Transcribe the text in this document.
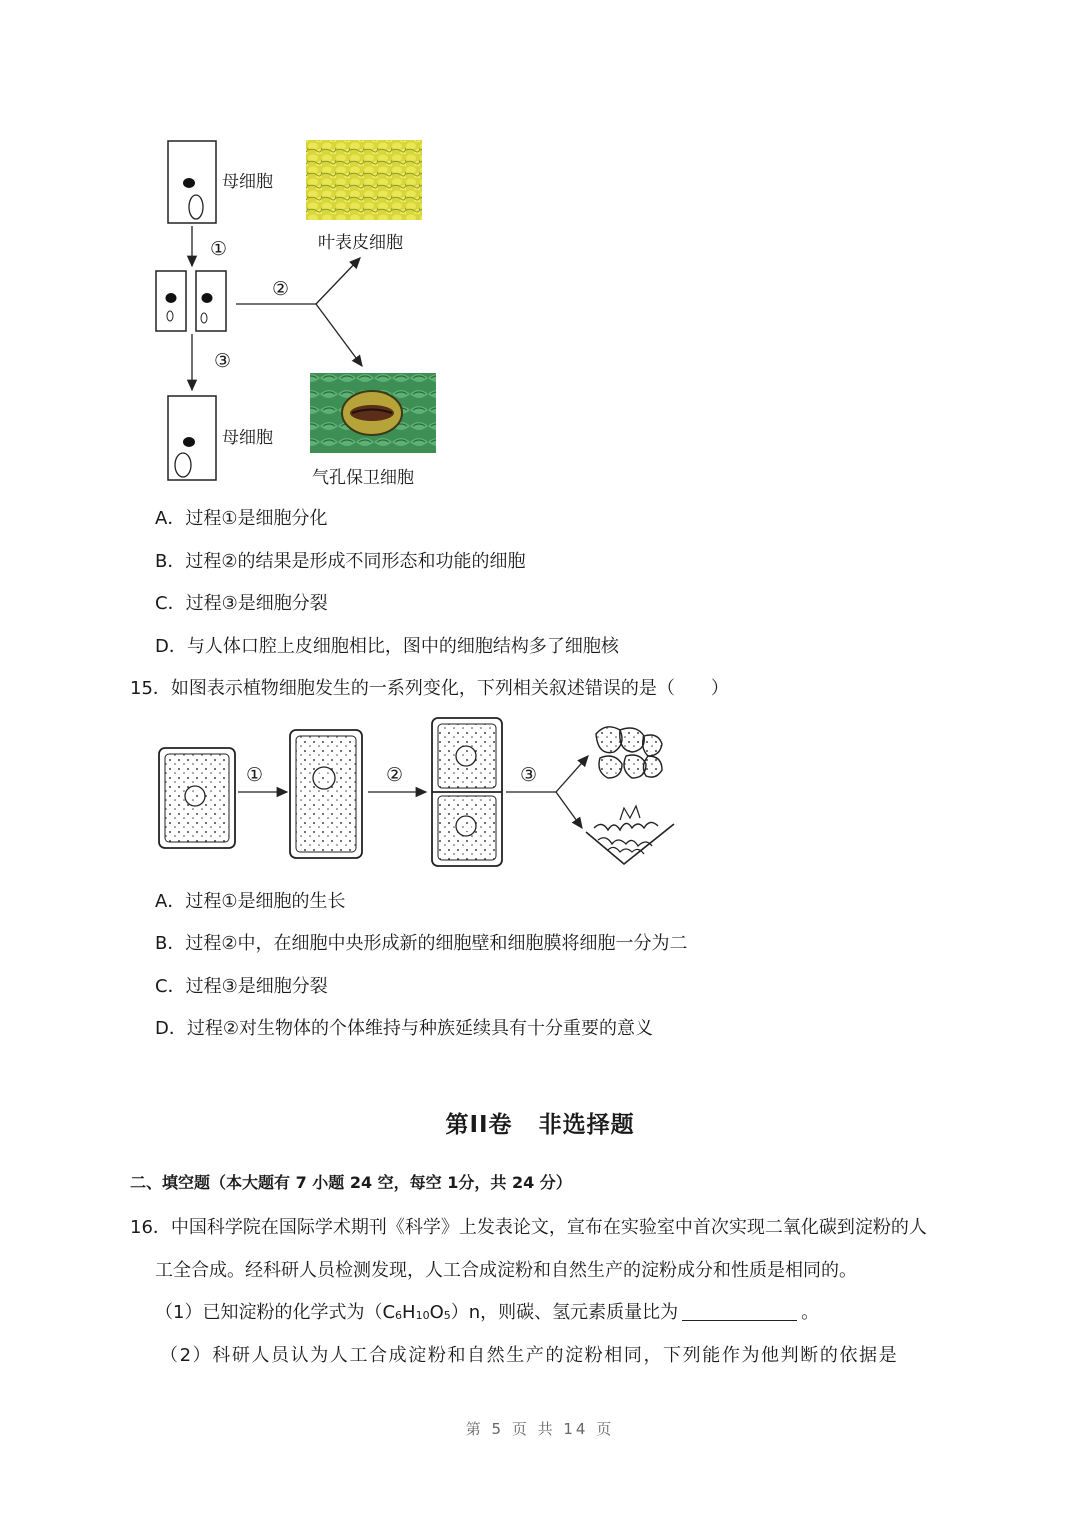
母细胞
叶表皮细胞
①
②
③
母细胞
气孔保卫细胞
A．过程①是细胞分化
B．过程②的结果是形成不同形态和功能的细胞
C．过程③是细胞分裂
D．与人体口腔上皮细胞相比，图中的细胞结构多了细胞核
15．如图表示植物细胞发生的一系列变化，下列相关叙述错误的是（　　）
①	②	③
A．过程①是细胞的生长
B．过程②中，在细胞中央形成新的细胞壁和细胞膜将细胞一分为二
C．过程③是细胞分裂
D．过程②对生物体的个体维持与种族延续具有十分重要的意义
第II卷 非选择题
二、填空题（本大题有 7 小题 24 空，每空 1分，共 24 分）
16．中国科学院在国际学术期刊《科学》上发表论文，宣布在实验室中首次实现二氧化碳到淀粉的人
工全合成。经科研人员检测发现，人工合成淀粉和自然生产的淀粉成分和性质是相同的。
（1）已知淀粉的化学式为$(C_6H_{10}O_5)n$，则碳、氢元素质量比为	。
（2）科研人员认为人工合成淀粉和自然生产的淀粉相同，下列能作为他判断的依据是
第 5 页 共 14 页
